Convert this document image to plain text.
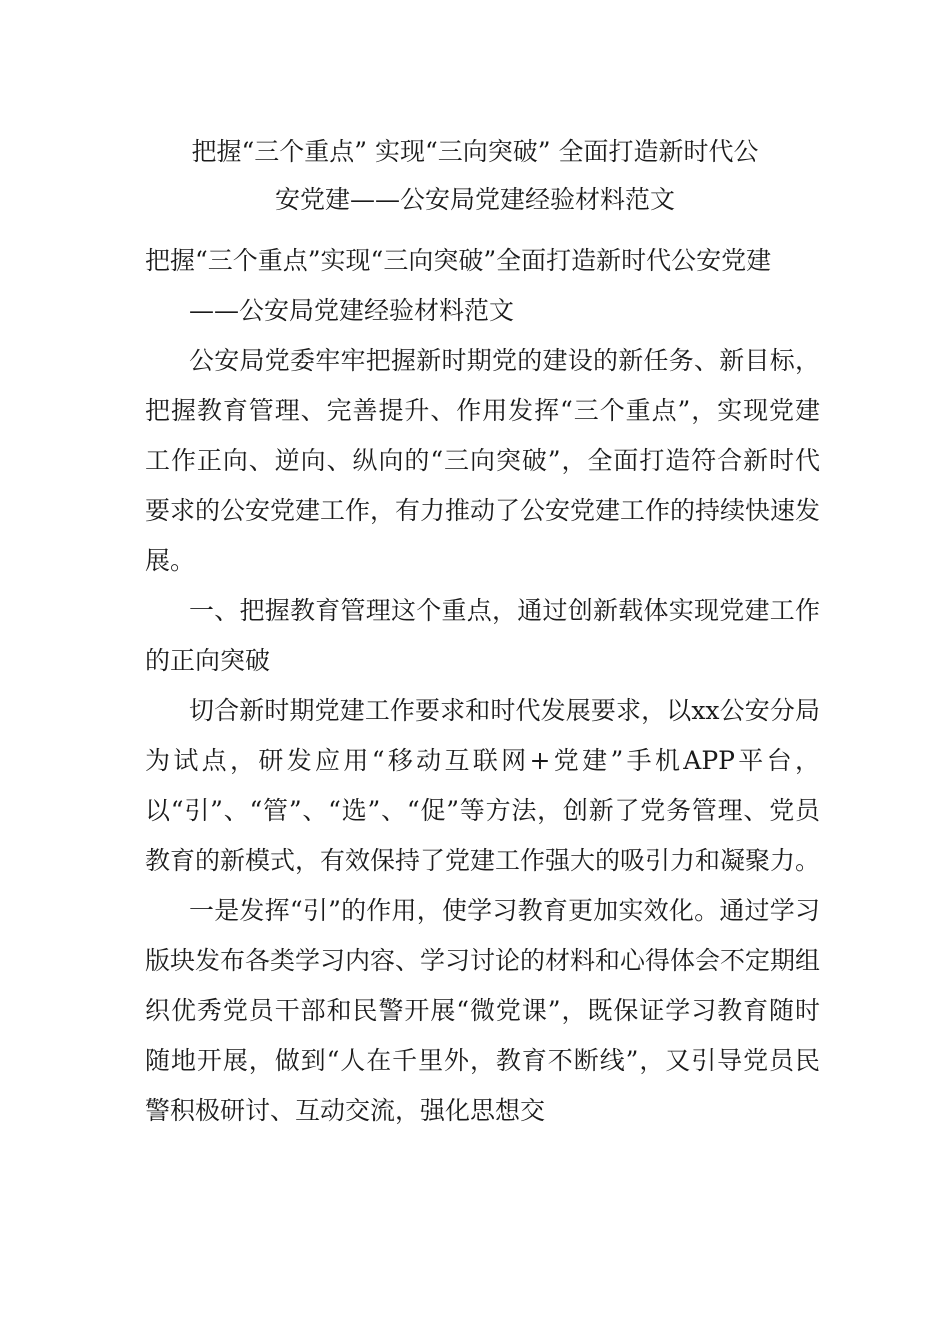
把握“三个重点” 实现“三向突破” 全面打造新时代公
安党建——公安局党建经验材料范文

把握“三个重点”实现“三向突破”全面打造新时代公安党建

——公安局党建经验材料范文

公安局党委牢牢把握新时期党的建设的新任务、新目标，把握教育管理、完善提升、作用发挥“三个重点”，实现党建工作正向、逆向、纵向的“三向突破”，全面打造符合新时代要求的公安党建工作，有力推动了公安党建工作的持续快速发展。

一、把握教育管理这个重点，通过创新载体实现党建工作的正向突破

切合新时期党建工作要求和时代发展要求，以xx公安分局为试点，研发应用“移动互联网+党建”手机APP平台，以“引”、“管”、“选”、“促”等方法，创新了党务管理、党员教育的新模式，有效保持了党建工作强大的吸引力和凝聚力。

一是发挥“引”的作用，使学习教育更加实效化。通过学习版块发布各类学习内容、学习讨论的材料和心得体会不定期组织优秀党员干部和民警开展“微党课”，既保证学习教育随时随地开展，做到“人在千里外，教育不断线”，又引导党员民警积极研讨、互动交流，强化思想交
